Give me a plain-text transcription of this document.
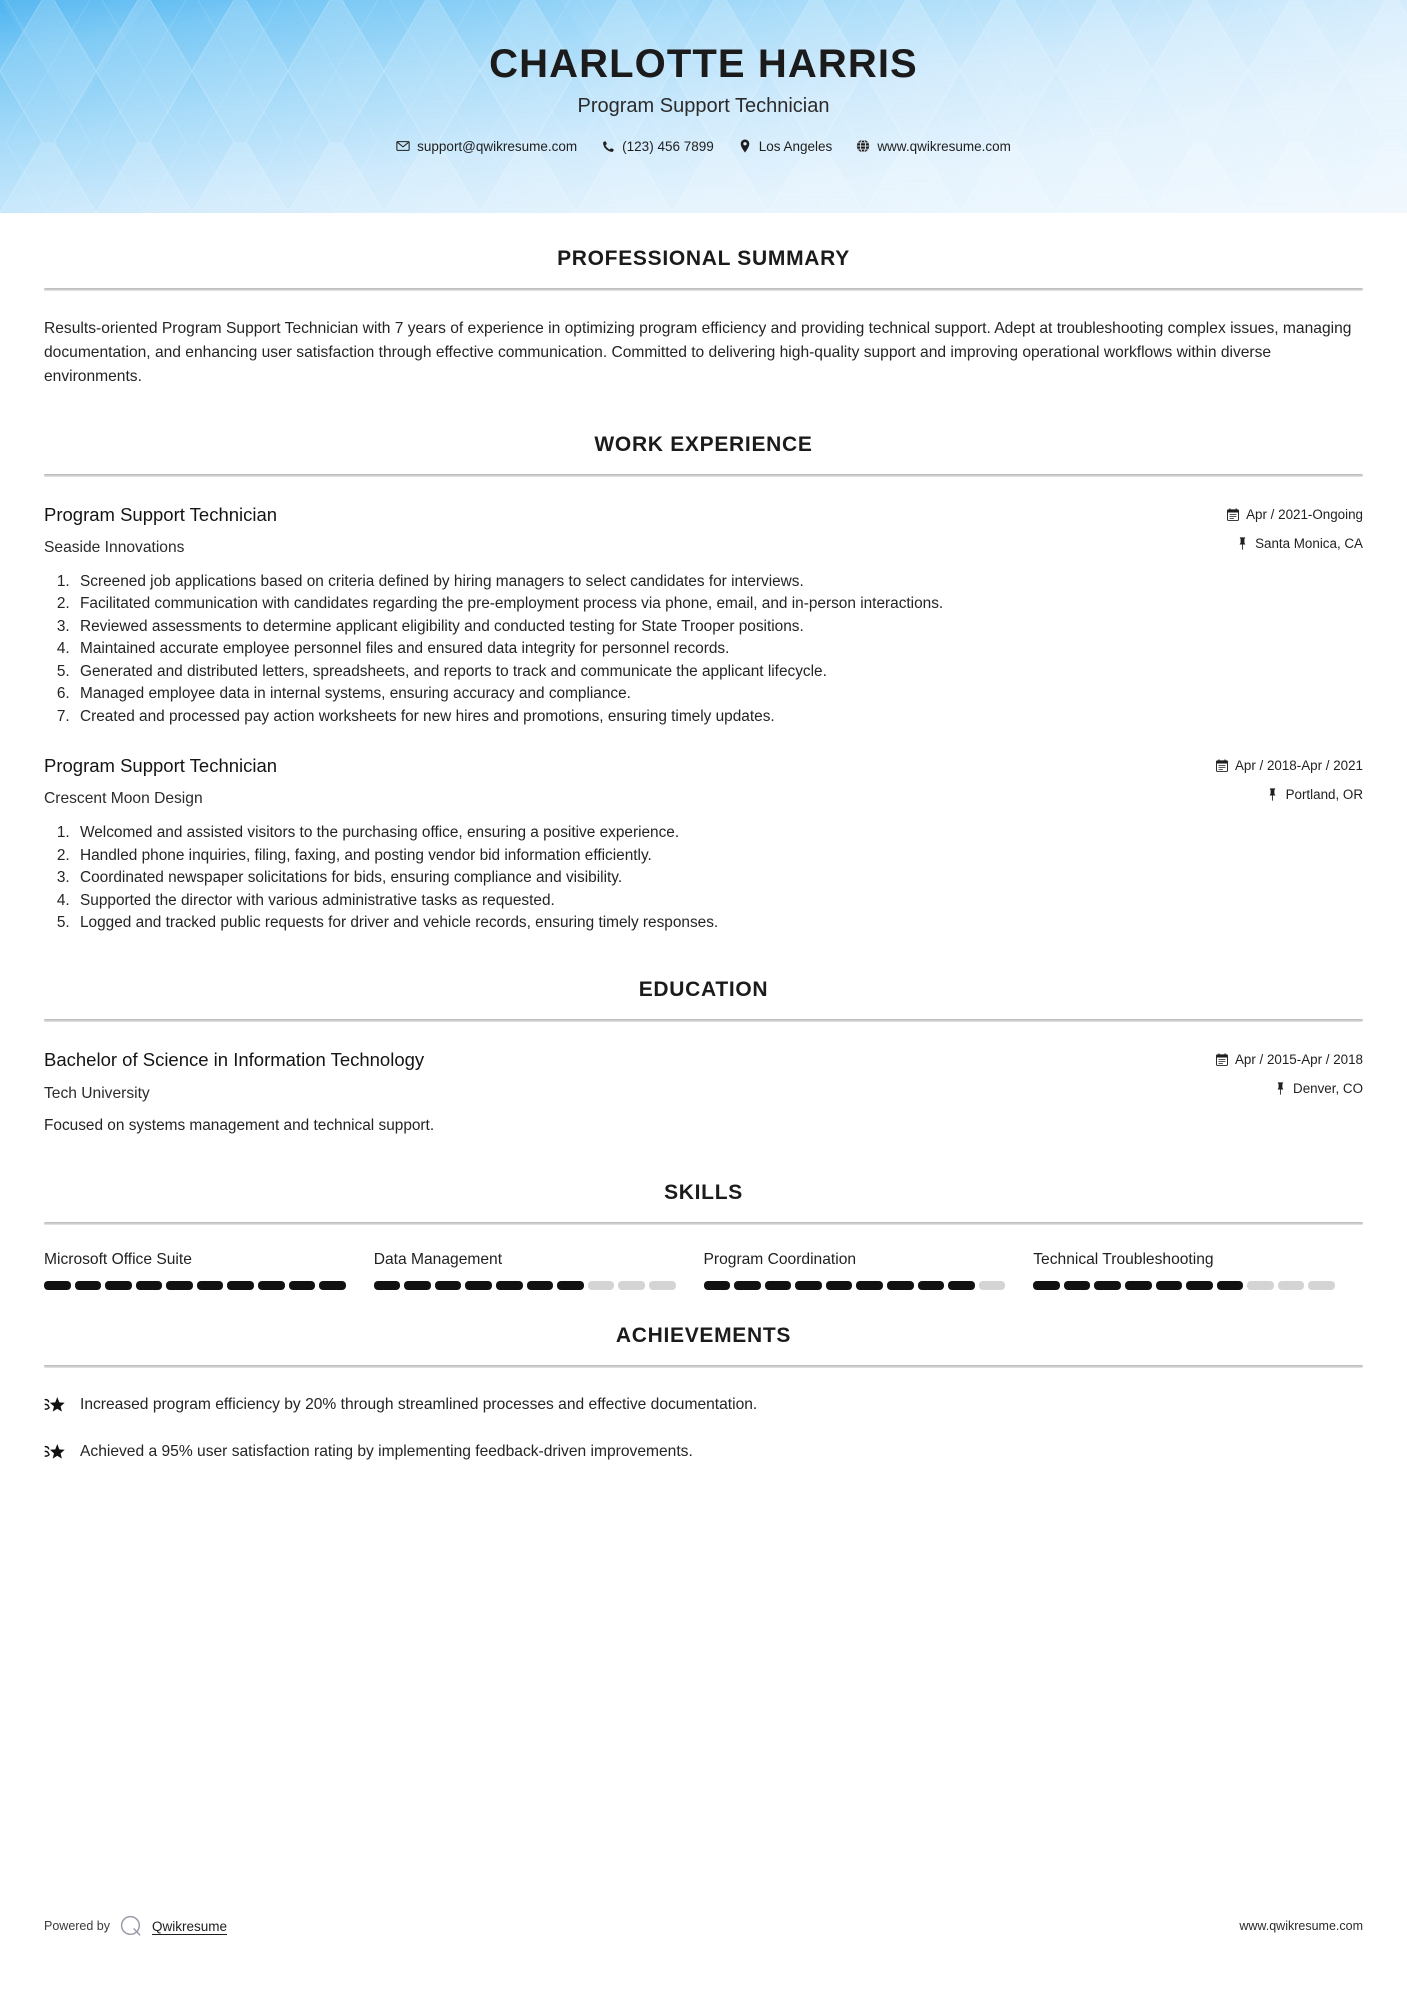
CHARLOTTE HARRIS
Program Support Technician
support@qwikresume.com	(123) 456 7899	Los Angeles	www.qwikresume.com
PROFESSIONAL SUMMARY

Results-oriented Program Support Technician with 7 years of experience in optimizing program efficiency and providing technical support. Adept at troubleshooting complex issues, managing documentation, and enhancing user satisfaction through effective communication. Committed to delivering high-quality support and improving operational workflows within diverse environments.

WORK EXPERIENCE
Program Support Technician
Seaside Innovations
Apr / 2021-Ongoing
Santa Monica, CA
1. Screened job applications based on criteria defined by hiring managers to select candidates for interviews.
2. Facilitated communication with candidates regarding the pre-employment process via phone, email, and in-person interactions.
3. Reviewed assessments to determine applicant eligibility and conducted testing for State Trooper positions.
4. Maintained accurate employee personnel files and ensured data integrity for personnel records.
5. Generated and distributed letters, spreadsheets, and reports to track and communicate the applicant lifecycle.
6. Managed employee data in internal systems, ensuring accuracy and compliance.
7. Created and processed pay action worksheets for new hires and promotions, ensuring timely updates.
Program Support Technician
Crescent Moon Design
Apr / 2018-Apr / 2021
Portland, OR
1. Welcomed and assisted visitors to the purchasing office, ensuring a positive experience.
2. Handled phone inquiries, filing, faxing, and posting vendor bid information efficiently.
3. Coordinated newspaper solicitations for bids, ensuring compliance and visibility.
4. Supported the director with various administrative tasks as requested.
5. Logged and tracked public requests for driver and vehicle records, ensuring timely responses.
EDUCATION
Bachelor of Science in Information Technology
Tech University
Apr / 2015-Apr / 2018
Denver, CO
Focused on systems management and technical support.
SKILLS
Microsoft Office Suite	Data Management	Program Coordination	Technical Troubleshooting
ACHIEVEMENTS
Increased program efficiency by 20% through streamlined processes and effective documentation.
Achieved a 95% user satisfaction rating by implementing feedback-driven improvements.
Powered by	Qwikresume	www.qwikresume.com
